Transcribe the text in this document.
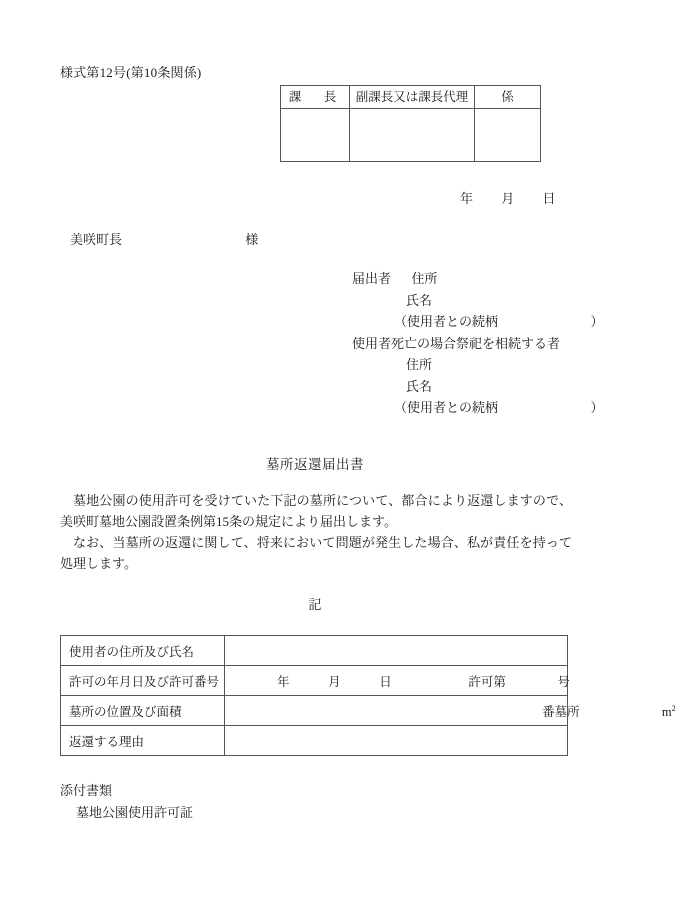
様式第12号(第10条関係)
課　長	副課長又は課長代理	係

年 月 日
美咲町長	様
届出者 住所
氏名
（使用者との続柄	）
使用者死亡の場合祭祀を相続する者
住所
氏名
（使用者との続柄	）
墓所返還届出書

墓地公園の使用許可を受けていた下記の墓所について、都合により返還しますので、美咲町墓地公園設置条例第15条の規定により届出します。

なお、当墓所の返還に関して、将来において問題が発生した場合、私が責任を持って処理します。

記
使用者の住所及び氏名	
許可の年月日及び許可番号	年 月 日 許可第 号

墓所の位置及び面積	番墓所 $m^2$

返還する理由	
添付書類
墓地公園使用許可証
